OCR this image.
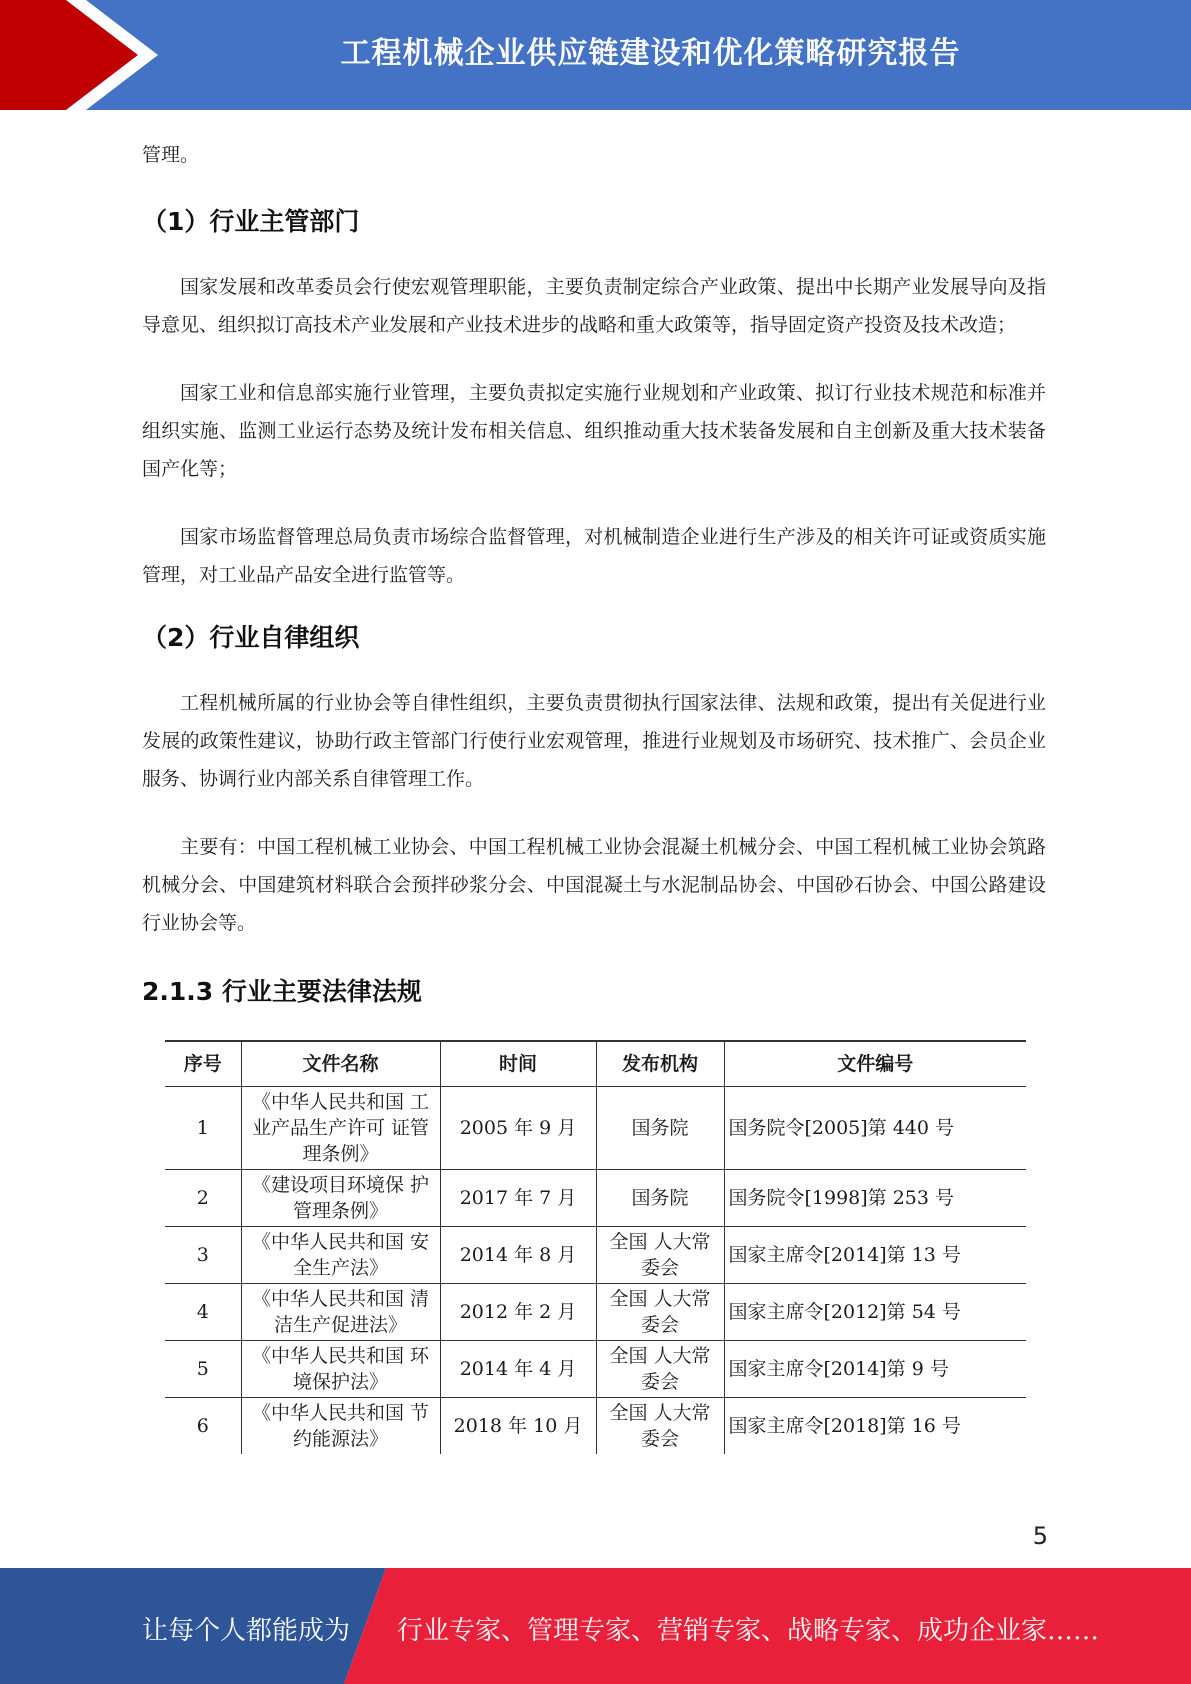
工程机械企业供应链建设和优化策略研究报告

管理。

（1）行业主管部门

国家发展和改革委员会行使宏观管理职能，主要负责制定综合产业政策、提出中长期产业发展导向及指导意见、组织拟订高技术产业发展和产业技术进步的战略和重大政策等，指导固定资产投资及技术改造；

国家工业和信息部实施行业管理，主要负责拟定实施行业规划和产业政策、拟订行业技术规范和标准并组织实施、监测工业运行态势及统计发布相关信息、组织推动重大技术装备发展和自主创新及重大技术装备国产化等；

国家市场监督管理总局负责市场综合监督管理，对机械制造企业进行生产涉及的相关许可证或资质实施管理，对工业品产品安全进行监管等。

（2）行业自律组织

工程机械所属的行业协会等自律性组织，主要负责贯彻执行国家法律、法规和政策，提出有关促进行业发展的政策性建议，协助行政主管部门行使行业宏观管理，推进行业规划及市场研究、技术推广、会员企业服务、协调行业内部关系自律管理工作。

主要有：中国工程机械工业协会、中国工程机械工业协会混凝土机械分会、中国工程机械工业协会筑路机械分会、中国建筑材料联合会预拌砂浆分会、中国混凝土与水泥制品协会、中国砂石协会、中国公路建设行业协会等。

2.1.3 行业主要法律法规
序号	文件名称	时间	发布机构	文件编号
1	《中华人民共和国 工业产品生产许可 证管理条例》	2005 年 9 月	国务院	国务院令[2005]第 440 号
2	《建设项目环境保 护管理条例》	2017 年 7 月	国务院	国务院令[1998]第 253 号
3	《中华人民共和国 安全生产法》	2014 年 8 月	全国 人大常委会	国家主席令[2014]第 13 号
4	《中华人民共和国 清洁生产促进法》	2012 年 2 月	全国 人大常委会	国家主席令[2012]第 54 号
5	《中华人民共和国 环境保护法》	2014 年 4 月	全国 人大常委会	国家主席令[2014]第 9 号
6	《中华人民共和国 节约能源法》	2018 年 10 月	全国 人大常委会	国家主席令[2018]第 16 号
5
让每个人都能成为 行业专家、管理专家、营销专家、战略专家、成功企业家……
